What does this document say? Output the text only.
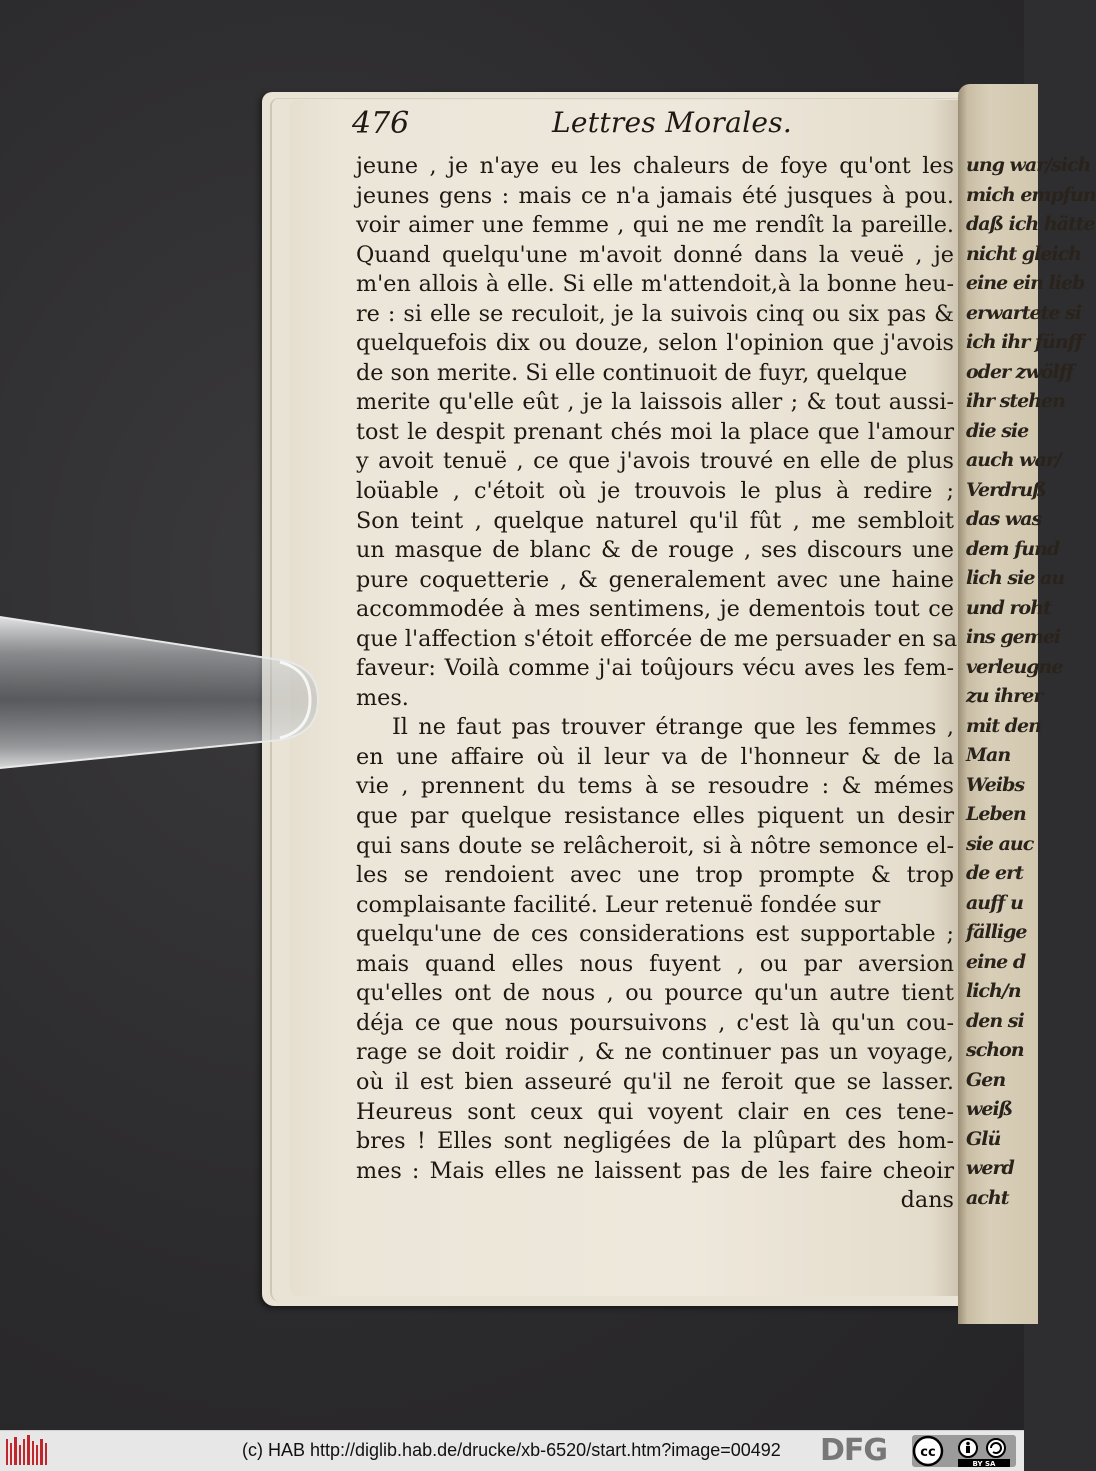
ung war/sich
mich empfun
daß ich hätte
nicht gleich
eine ein lieb
erwartete si
ich ihr fünff
oder zwölff
ihr stehen
die sie
auch war/
Verdruß
das was
dem fund
lich sie au
und roht
ins gemei
verleugne
zu ihrer
mit den
Man
Weibs
Leben
sie auc
de ert
auff u
fällige
eine d
lich/n
den si
schon
Gen
weiß
Glü
werd
acht
476	Lettres Morales.
jeune , je n'aye eu les chaleurs de foye qu'ont les
jeunes gens : mais ce n'a jamais été jusques à pou.
voir aimer une femme , qui ne me rendît la pareille.
Quand quelqu'une m'avoit donné dans la veuë , je
m'en allois à elle. Si elle m'attendoit,à la bonne heu-
re : si elle se reculoit, je la suivois cinq ou six pas &
quelquefois dix ou douze, selon l'opinion que j'avois
de son merite. Si elle continuoit de fuyr, quelque
merite qu'elle eût , je la laissois aller ; & tout aussi-
tost le despit prenant chés moi la place que l'amour
y avoit tenuë , ce que j'avois trouvé en elle de plus
loüable , c'étoit où je trouvois le plus à redire ;
Son teint , quelque naturel qu'il fût , me sembloit
un masque de blanc & de rouge , ses discours une
pure coquetterie , & generalement avec une haine
accommodée à mes sentimens, je dementois tout ce
que l'affection s'étoit efforcée de me persuader en sa
faveur: Voilà comme j'ai toûjours vécu aves les fem-
mes.
Il ne faut pas trouver étrange que les femmes ,
en une affaire où il leur va de l'honneur & de la
vie , prennent du tems à se resoudre : & mémes
que par quelque resistance elles piquent un desir
qui sans doute se relâcheroit, si à nôtre semonce el-
les se rendoient avec une trop prompte & trop
complaisante facilité. Leur retenuë fondée sur
quelqu'une de ces considerations est supportable ;
mais quand elles nous fuyent , ou par aversion
qu'elles ont de nous , ou pource qu'un autre tient
déja ce que nous poursuivons , c'est là qu'un cou-
rage se doit roidir , & ne continuer pas un voyage,
où il est bien asseuré qu'il ne feroit que se lasser.
Heureus sont ceux qui voyent clair en ces tene-
bres ! Elles sont negligées de la plûpart des hom-
mes : Mais elles ne laissent pas de les faire cheoir
dans
(c) HAB http://diglib.hab.de/drucke/xb-6520/start.htm?image=00492 DFG	cc
BY SA
